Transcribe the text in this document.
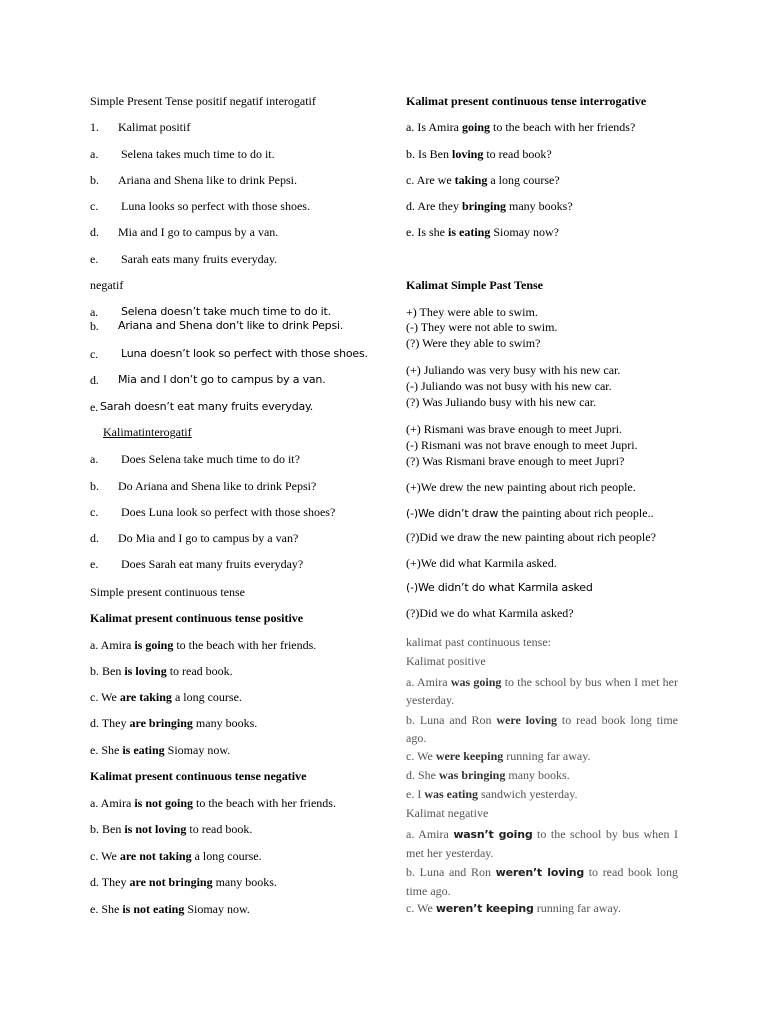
Simple Present Tense positif negatif interogatif
1. Kalimat positif
a. Selena takes much time to do it.
b. Ariana and Shena like to drink Pepsi.
c. Luna looks so perfect with those shoes.
d. Mia and I go to campus by a van.
e. Sarah eats many fruits everyday.
negatif
a. Selena doesn’t take much time to do it.
b. Ariana and Shena don’t like to drink Pepsi.
c. Luna doesn’t look so perfect with those shoes.
d. Mia and I don’t go to campus by a van.
e. Sarah doesn’t eat many fruits everyday.
Kalimatinterogatif
a. Does Selena take much time to do it?
b. Do Ariana and Shena like to drink Pepsi?
c. Does Luna look so perfect with those shoes?
d. Do Mia and I go to campus by a van?
e. Does Sarah eat many fruits everyday?
Simple present continuous tense
Kalimat present continuous tense positive
a. Amira is going to the beach with her friends.
b. Ben is loving to read book.
c. We are taking a long course.
d. They are bringing many books.
e. She is eating Siomay now.
Kalimat present continuous tense negative
a. Amira is not going to the beach with her friends.
b. Ben is not loving to read book.
c. We are not taking a long course.
d. They are not bringing many books.
e. She is not eating Siomay now.
Kalimat present continuous tense interrogative
a. Is Amira going to the beach with her friends?
b. Is Ben loving to read book?
c. Are we taking a long course?
d. Are they bringing many books?
e. Is she is eating Siomay now?
Kalimat Simple Past Tense
+) They were able to swim.
(-) They were not able to swim.
(?) Were they able to swim?
(+) Juliando was very busy with his new car.
(-) Juliando was not busy with his new car.
(?) Was Juliando busy with his new car.
(+) Rismani was brave enough to meet Jupri.
(-) Rismani was not brave enough to meet Jupri.
(?) Was Rismani brave enough to meet Jupri?
(+)We drew the new painting about rich people.
(-)We didn’t draw the painting about rich people..
(?)Did we draw the new painting about rich people?
(+)We did what Karmila asked.
(-)We didn’t do what Karmila asked
(?)Did we do what Karmila asked?
kalimat past continuous tense:
Kalimat positive
a. Amira was going to the school by bus when I met her yesterday.
b. Luna and Ron were loving to read book long time ago.
c. We were keeping running far away.
d. She was bringing many books.
e. I was eating sandwich yesterday.
Kalimat negative
a. Amira wasn’t going to the school by bus when I met her yesterday.
b. Luna and Ron weren’t loving to read book long time ago.
c. We weren’t keeping running far away.
